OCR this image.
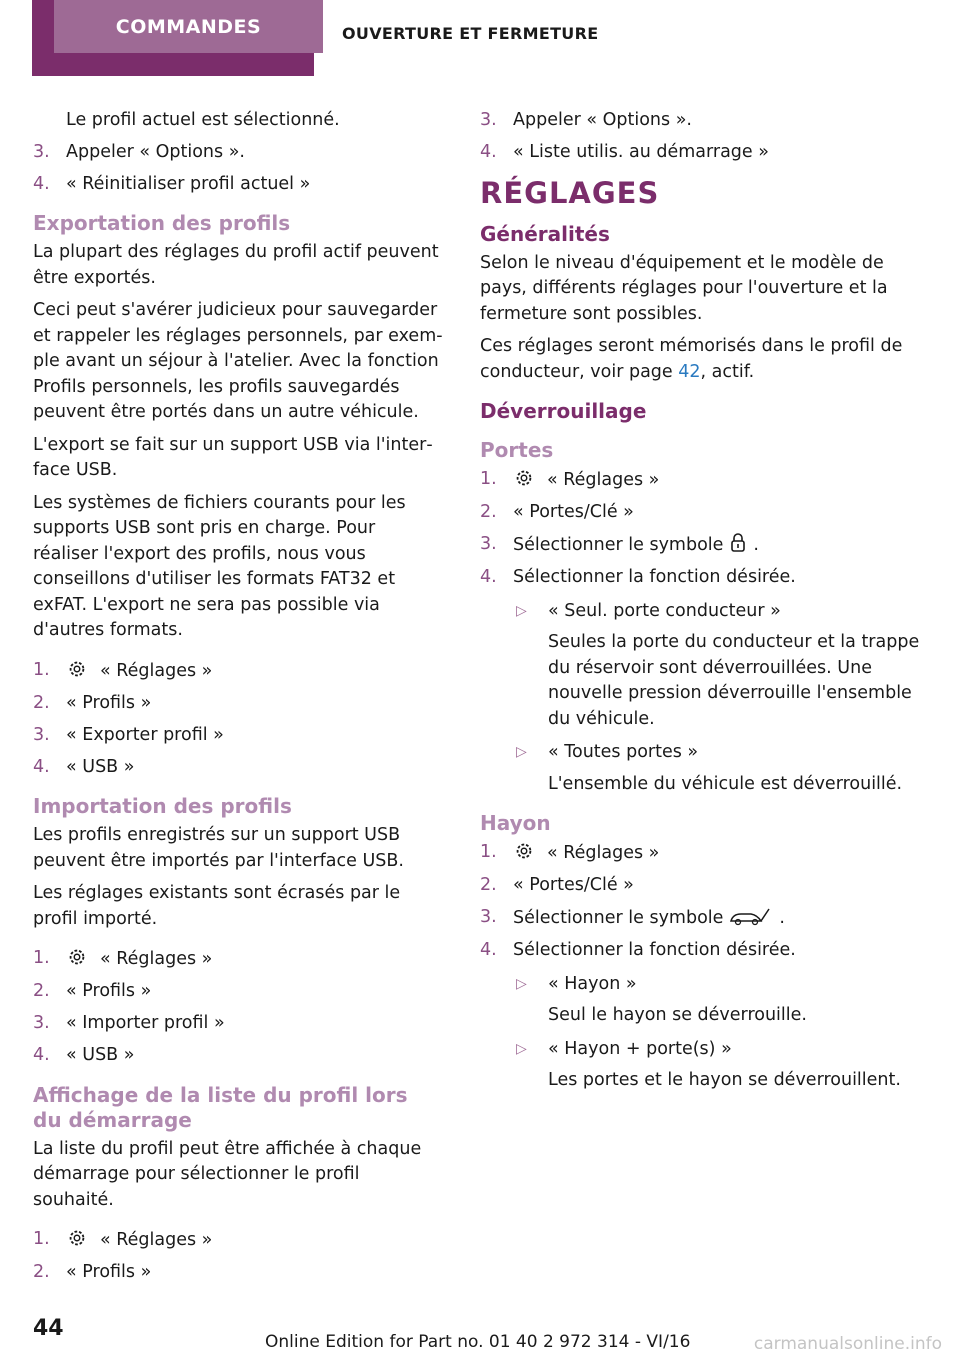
COMMANDES	OUVERTURE ET FERMETURE
Le profil actuel est sélectionné.
3. Appeler « Options ».
4. « Réinitialiser profil actuel »
Exportation des profils

La plupart des réglages du profil actif peuvent être exportés.

Ceci peut s'avérer judicieux pour sauvegarder et rappeler les réglages personnels, par exemple avant un séjour à l'atelier. Avec la fonction Profils personnels, les profils sauvegardés peuvent être portés dans un autre véhicule.

L'export se fait sur un support USB via l'interface USB.

Les systèmes de fichiers courants pour les supports USB sont pris en charge. Pour réaliser l'export des profils, nous vous conseillons d'utiliser les formats FAT32 et exFAT. L'export ne sera pas possible via d'autres formats.

1.	« Réglages »
2. « Profils »
3. « Exporter profil »
4. « USB »
Importation des profils

Les profils enregistrés sur un support USB peuvent être importés par l'interface USB.

Les réglages existants sont écrasés par le profil importé.

1.	« Réglages »
2. « Profils »
3. « Importer profil »
4. « USB »
Affichage de la liste du profil lors du démarrage

La liste du profil peut être affichée à chaque démarrage pour sélectionner le profil souhaité.

1.	« Réglages »
2. « Profils »
3. Appeler « Options ».
4. « Liste utilis. au démarrage »
RÉGLAGES
Généralités

Selon le niveau d'équipement et le modèle de pays, différents réglages pour l'ouverture et la fermeture sont possibles.

Ces réglages seront mémorisés dans le profil de conducteur, voir page 42, actif.

Déverrouillage
Portes
1.	« Réglages »
2. « Portes/Clé »
3. Sélectionner le symbole .
4. Sélectionner la fonction désirée.
▷ « Seul. porte conducteur »
Seules la porte du conducteur et la trappe du réservoir sont déverrouillées. Une nouvelle pression déverrouille l'ensemble du véhicule.
▷ « Toutes portes »
L'ensemble du véhicule est déverrouillé.
Hayon
1.	« Réglages »
2. « Portes/Clé »
3. Sélectionner le symbole	.
4. Sélectionner la fonction désirée.
▷ « Hayon »
Seul le hayon se déverrouille.
▷ « Hayon + porte(s) »
Les portes et le hayon se déverrouillent.
44
Online Edition for Part no. 01 40 2 972 314 - VI/16	carmanualsonline.info
